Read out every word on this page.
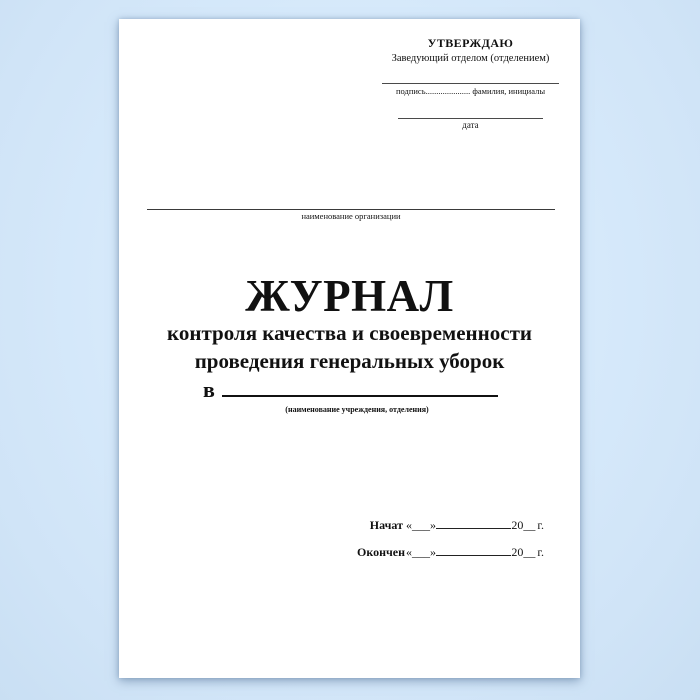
УТВЕРЖДАЮ
Заведующий отделом (отделением)
подпись..................... фамилия, инициалы
дата
наименование организации
ЖУРНАЛ
контроля качества и своевременности
проведения генеральных уборок
в
(наименование учреждения, отделения)
Начат «___»	20__ г.
Окончен «___»	20__ г.
